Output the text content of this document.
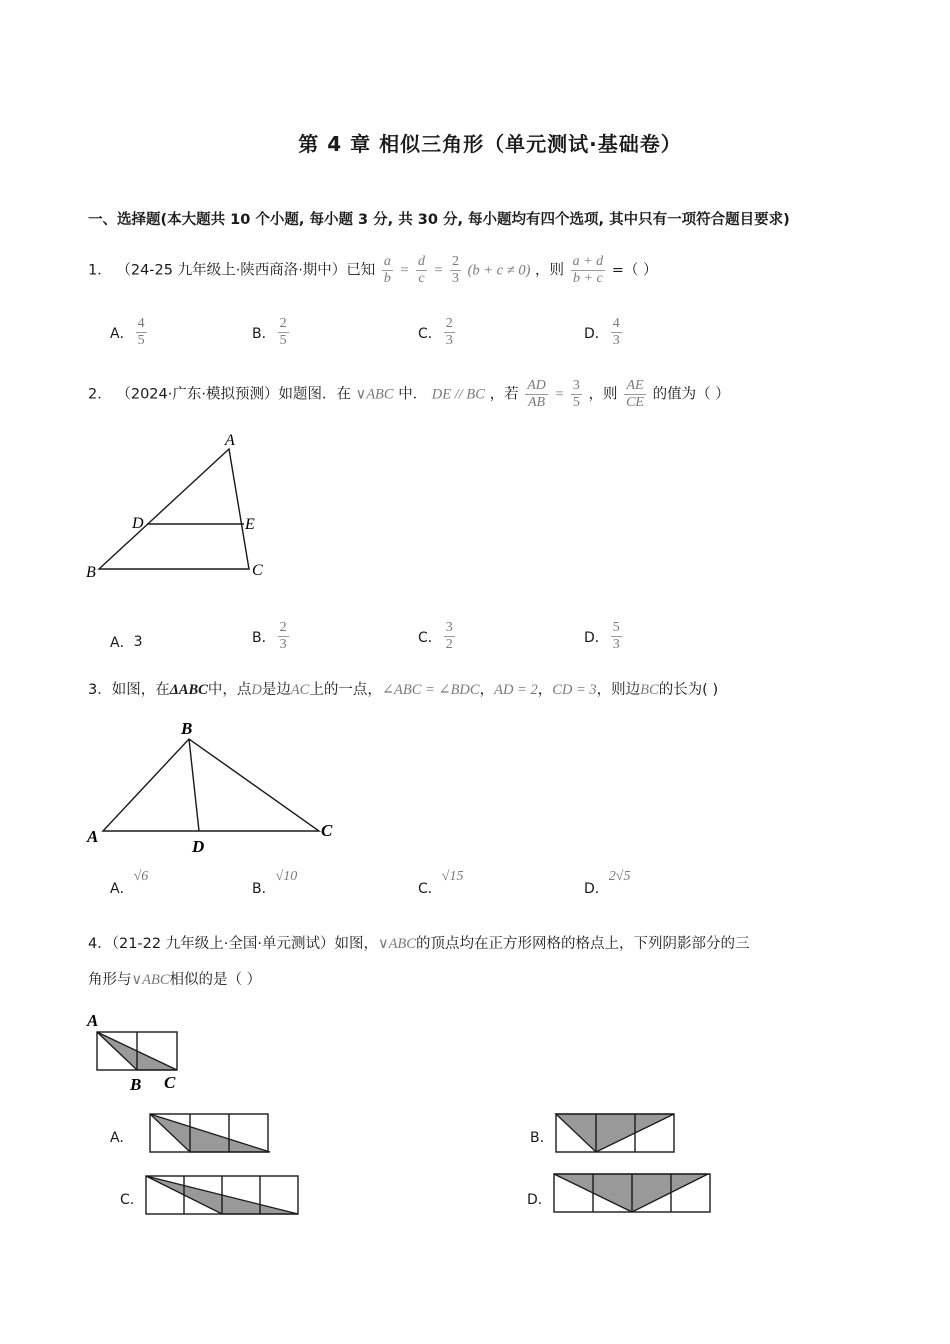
第 4 章 相似三角形（单元测试·基础卷）
一、选择题(本大题共 10 个小题, 每小题 3 分, 共 30 分, 每小题均有四个选项, 其中只有一项符合题目要求)
1． （24-25 九年级上·陕西商洛·期中）已知 $\frac{a}{b} = \frac{d}{c} = \frac{2}{3} (b + c \ne 0)$ ，则 $\frac{a + d}{b + c}$ =（ ）
A． $\frac{4}{5}$	B． $\frac{2}{5}$	C． $\frac{2}{3}$	D． $\frac{4}{3}$
2． （2024·广东·模拟预测）如题图．在 ∨ABC 中． DE // BC ，若 $\frac{AD}{AB} = \frac{3}{5}$ ，则 $\frac{AE}{CE}$ 的值为（ ）
A
B	C
D	E
A．3	B． $\frac{2}{3}$	C． $\frac{3}{2}$	D． $\frac{5}{3}$
3．如图，在ΔABC中，点D是边AC上的一点，∠ABC = ∠BDC，AD = 2，CD = 3，则边BC的长为( )
B
A	C
D
A．√6
B．√10
C．√15
D．2√5
4．（21-22 九年级上·全国·单元测试）如图，∨ABC的顶点均在正方形网格的格点上，下列阴影部分的三
角形与∨ABC相似的是（ ）
A
B C
A.	B.
C.	D.
